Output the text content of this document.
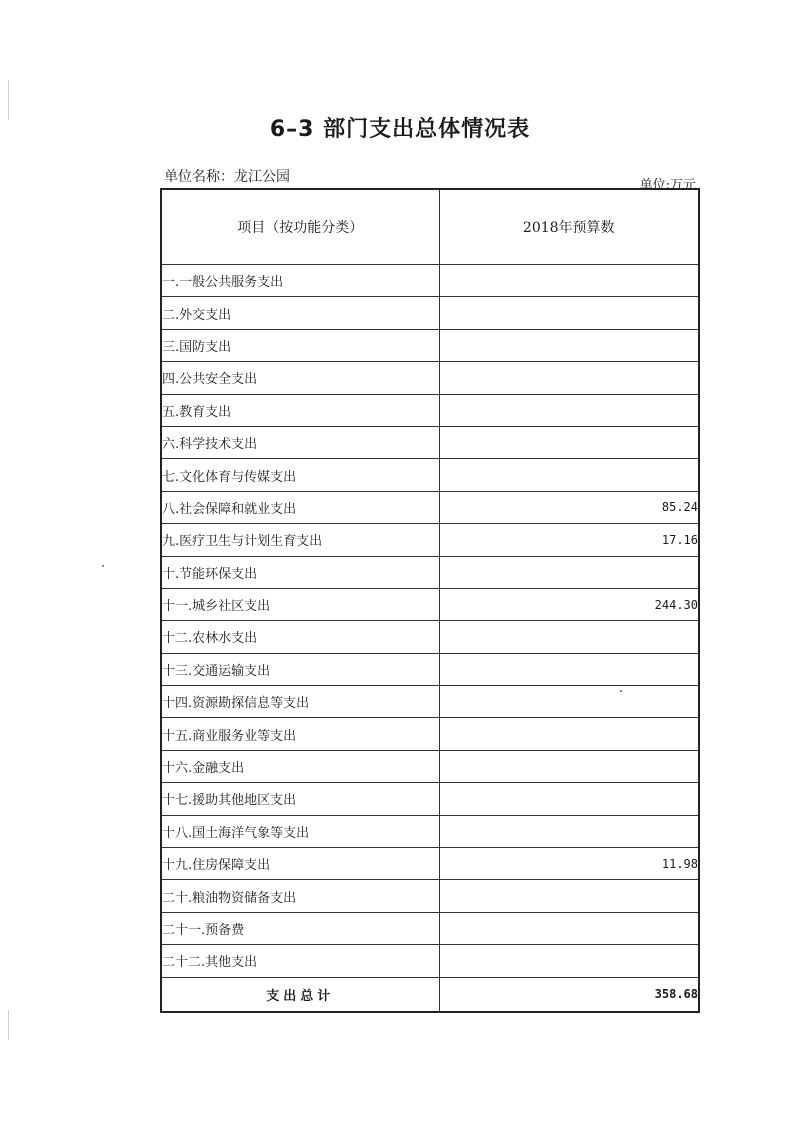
6–3 部门支出总体情况表
单位名称：龙江公园
单位:万元
项目（按功能分类）	2018年预算数
一.一般公共服务支出	
二.外交支出	
三.国防支出	
四.公共安全支出	
五.教育支出	
六.科学技术支出	
七.文化体育与传媒支出	
八.社会保障和就业支出	85.24
九.医疗卫生与计划生育支出	17.16
十.节能环保支出	
十一.城乡社区支出	244.30
十二.农林水支出	
十三.交通运输支出	
十四.资源勘探信息等支出	
十五.商业服务业等支出	
十六.金融支出	
十七.援助其他地区支出	
十八.国土海洋气象等支出	
十九.住房保障支出	11.98
二十.粮油物资储备支出	
二十一.预备费	
二十二.其他支出	
支出总计	358.68
